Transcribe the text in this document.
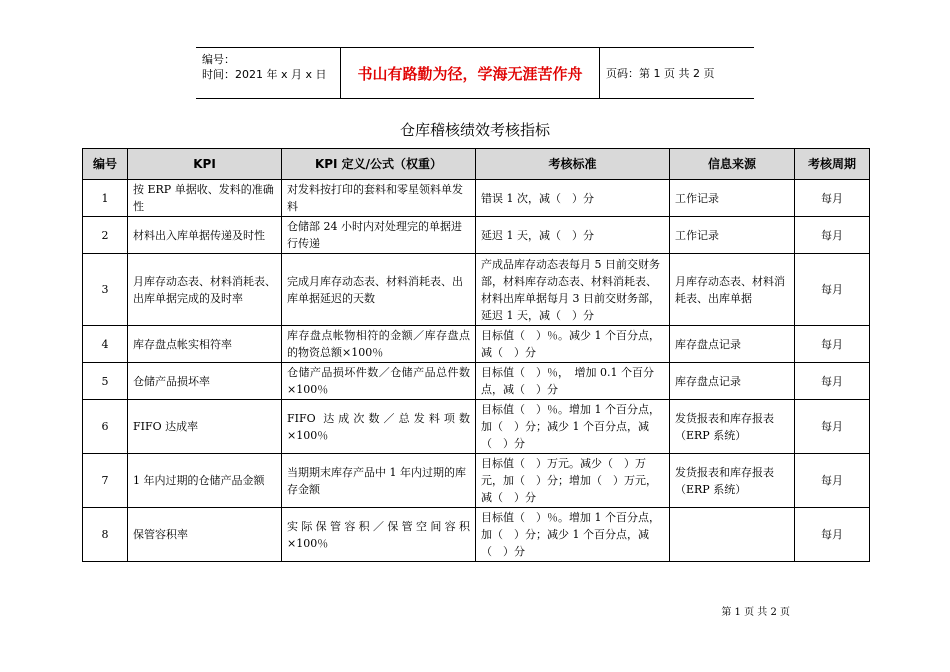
编号：
时间：2021 年 x 月 x 日	书山有路勤为径，学海无涯苦作舟	页码：第 1 页 共 2 页
仓库稽核绩效考核指标
编号	KPI	KPI 定义/公式（权重）	考核标准	信息来源	考核周期
1	按 ERP 单据收、发料的准确性	对发料按打印的套料和零星领料单发料	错误 1 次，减（　）分	工作记录	每月
2	材料出入库单据传递及时性	仓储部 24 小时内对处理完的单据进行传递	延迟 1 天，减（　）分	工作记录	每月
3	月库存动态表、材料消耗表、出库单据完成的及时率	完成月库存动态表、材料消耗表、出库单据延迟的天数	产成品库存动态表每月 5 日前交财务部，材料库存动态表、材料消耗表、材料出库单据每月 3 日前交财务部，延迟 1 天，减（　）分	月库存动态表、材料消耗表、出库单据	每月
4	库存盘点帐实相符率	库存盘点帐物相符的金额／库存盘点的物资总额×100％	目标值（　）％。减少 1 个百分点，减（　）分	库存盘点记录	每月
5	仓储产品损坏率	仓储产品损坏件数／仓储产品总件数×100％	目标值（　）％，　增加 0.1 个百分点，减（　）分	库存盘点记录	每月
6	FIFO 达成率	FIFO 达成次数／总发料项数×100％	目标值（　）％。增加 1 个百分点，加（　）分；减少 1 个百分点，减（　）分	发货报表和库存报表（ERP 系统）	每月
7	1 年内过期的仓储产品金额	当期期末库存产品中 1 年内过期的库存金额	目标值（　）万元。减少（　）万元，加（　）分；增加（　）万元，减（　）分	发货报表和库存报表（ERP 系统）	每月
8	保管容积率	实际保管容积／保管空间容积×100％	目标值（　）％。增加 1 个百分点，加（　）分；减少 1 个百分点，减（　）分		每月
第 1 页 共 2 页
